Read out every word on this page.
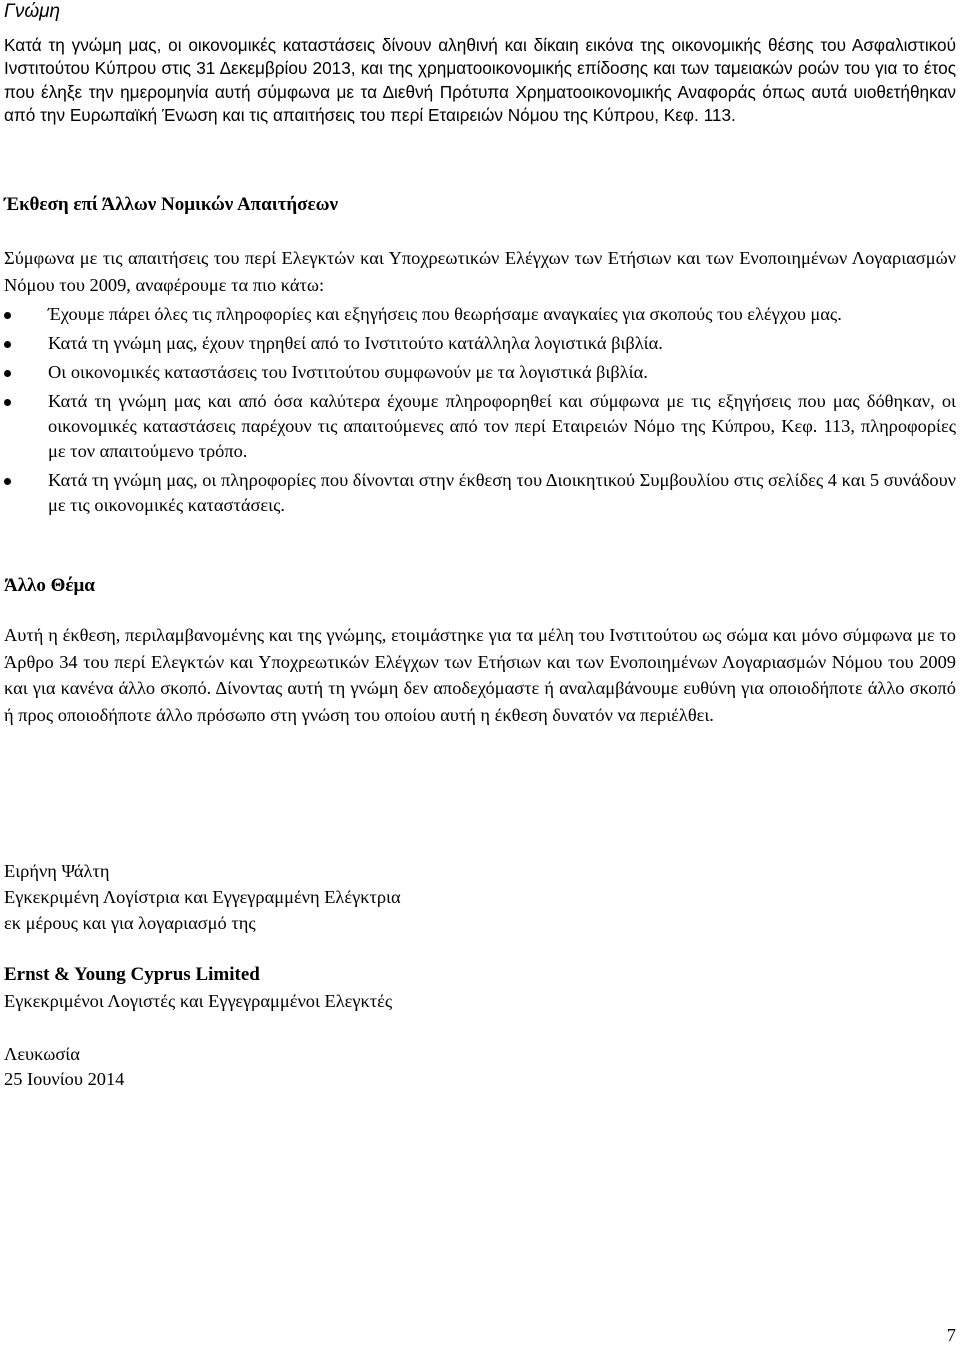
Γνώμη
Κατά τη γνώμη μας, οι οικονομικές καταστάσεις δίνουν αληθινή και δίκαιη εικόνα της οικονομικής θέσης του Ασφαλιστικού Ινστιτούτου Κύπρου στις 31 Δεκεμβρίου 2013, και της χρηματοοικονομικής επίδοσης και των ταμειακών ροών του για το έτος που έληξε την ημερομηνία αυτή σύμφωνα με τα Διεθνή Πρότυπα Χρηματοοικονομικής Αναφοράς όπως αυτά υιοθετήθηκαν από την Ευρωπαϊκή Ένωση και τις απαιτήσεις του περί Εταιρειών Νόμου της Κύπρου, Κεφ. 113.
Έκθεση επί Άλλων Νομικών Απαιτήσεων
Σύμφωνα με τις απαιτήσεις του περί Ελεγκτών και Υποχρεωτικών Ελέγχων των Ετήσιων και των Ενοποιημένων Λογαριασμών Νόμου του 2009, αναφέρουμε τα πιο κάτω:
Έχουμε πάρει όλες τις πληροφορίες και εξηγήσεις που θεωρήσαμε αναγκαίες για σκοπούς του ελέγχου μας.
Κατά τη γνώμη μας, έχουν τηρηθεί από το Ινστιτούτο κατάλληλα λογιστικά βιβλία.
Οι οικονομικές καταστάσεις του Ινστιτούτου συμφωνούν με τα λογιστικά βιβλία.
Κατά τη γνώμη μας και από όσα καλύτερα έχουμε πληροφορηθεί και σύμφωνα με τις εξηγήσεις που μας δόθηκαν, οι οικονομικές καταστάσεις παρέχουν τις απαιτούμενες από τον περί Εταιρειών Νόμο της Κύπρου, Κεφ. 113, πληροφορίες με τον απαιτούμενο τρόπο.
Κατά τη γνώμη μας, οι πληροφορίες που δίνονται στην έκθεση του Διοικητικού Συμβουλίου στις σελίδες 4 και 5 συνάδουν με τις οικονομικές καταστάσεις.
Άλλο Θέμα
Αυτή η έκθεση, περιλαμβανομένης και της γνώμης, ετοιμάστηκε για τα μέλη του Ινστιτούτου ως σώμα και μόνο σύμφωνα με το Άρθρο 34 του περί Ελεγκτών και Υποχρεωτικών Ελέγχων των Ετήσιων και των Ενοποιημένων Λογαριασμών Νόμου του 2009 και για κανένα άλλο σκοπό. Δίνοντας αυτή τη γνώμη δεν αποδεχόμαστε ή αναλαμβάνουμε ευθύνη για οποιοδήποτε άλλο σκοπό ή προς οποιοδήποτε άλλο πρόσωπο στη γνώση του οποίου αυτή η έκθεση δυνατόν να περιέλθει.
Ειρήνη Ψάλτη
Εγκεκριμένη Λογίστρια και Εγγεγραμμένη Ελέγκτρια
εκ μέρους και για λογαριασμό της
Ernst & Young Cyprus Limited
Εγκεκριμένοι Λογιστές και Εγγεγραμμένοι Ελεγκτές
Λευκωσία
25 Ιουνίου 2014
7
